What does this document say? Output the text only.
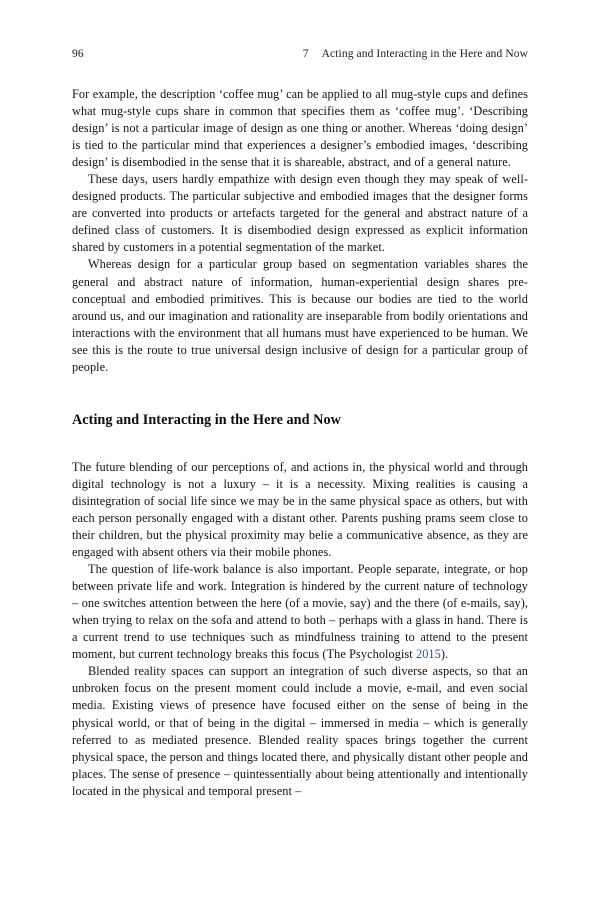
96	7 Acting and Interacting in the Here and Now

For example, the description ‘coffee mug’ can be applied to all mug-style cups and defines what mug-style cups share in common that specifies them as ‘coffee mug’. ‘Describing design’ is not a particular image of design as one thing or another. Whereas ‘doing design’ is tied to the particular mind that experiences a designer’s embodied images, ‘describing design’ is disembodied in the sense that it is shareable, abstract, and of a general nature.

These days, users hardly empathize with design even though they may speak of well-designed products. The particular subjective and embodied images that the designer forms are converted into products or artefacts targeted for the general and abstract nature of a defined class of customers. It is disembodied design expressed as explicit information shared by customers in a potential segmentation of the market.

Whereas design for a particular group based on segmentation variables shares the general and abstract nature of information, human-experiential design shares pre-conceptual and embodied primitives. This is because our bodies are tied to the world around us, and our imagination and rationality are inseparable from bodily orientations and interactions with the environment that all humans must have experienced to be human. We see this is the route to true universal design inclusive of design for a particular group of people.

Acting and Interacting in the Here and Now

The future blending of our perceptions of, and actions in, the physical world and through digital technology is not a luxury – it is a necessity. Mixing realities is causing a disintegration of social life since we may be in the same physical space as others, but with each person personally engaged with a distant other. Parents pushing prams seem close to their children, but the physical proximity may belie a communicative absence, as they are engaged with absent others via their mobile phones.

The question of life-work balance is also important. People separate, integrate, or hop between private life and work. Integration is hindered by the current nature of technology – one switches attention between the here (of a movie, say) and the there (of e-mails, say), when trying to relax on the sofa and attend to both – perhaps with a glass in hand. There is a current trend to use techniques such as mindfulness training to attend to the present moment, but current technology breaks this focus (The Psychologist 2015).

Blended reality spaces can support an integration of such diverse aspects, so that an unbroken focus on the present moment could include a movie, e-mail, and even social media. Existing views of presence have focused either on the sense of being in the physical world, or that of being in the digital – immersed in media – which is generally referred to as mediated presence. Blended reality spaces brings together the current physical space, the person and things located there, and physically distant other people and places. The sense of presence – quintessentially about being attentionally and intentionally located in the physical and temporal present –
